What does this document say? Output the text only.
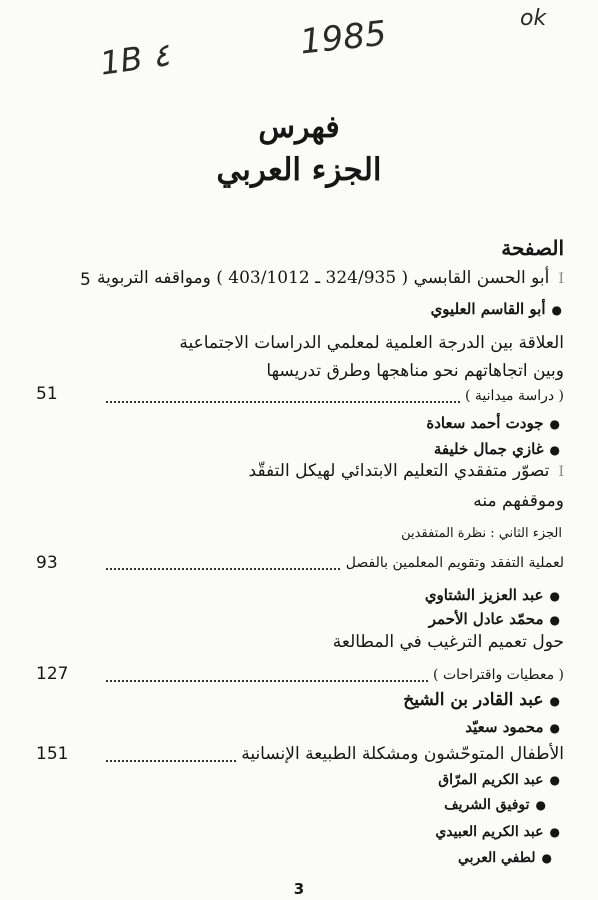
1B ٤	1985	ok
فهرس
الجزء العربي
الصفحة
I أبو الحسن القابسي ( 324/935 ـ 403/1012 ) ومواقفه التربوية
5
●أبو القاسم العليوي
العلاقة بين الدرجة العلمية لمعلمي الدراسات الاجتماعية
وبين اتجاهاتهم نحو مناهجها وطرق تدريسها
( دراسة ميدانية )
51
●جودت أحمد سعادة
●غازي جمال خليفة
I تصوّر متفقدي التعليم الابتدائي لهيكل التفقّد
وموقفهم منه
الجزء الثاني : نظرة المتفقدين
لعملية التفقد وتقويم المعلمين بالفصل
93
●عبد العزيز الشتاوي
●محمّد عادل الأحمر
حول تعميم الترغيب في المطالعة
( معطيات واقتراحات )
127
●عبد القادر بن الشيخ
●محمود سعيّد
الأطفال المتوحّشون ومشكلة الطبيعة الإنسانية
151
●عبد الكريم المرّاق
●توفيق الشريف
●عبد الكريم العبيدي
●لطفي العربي
3
